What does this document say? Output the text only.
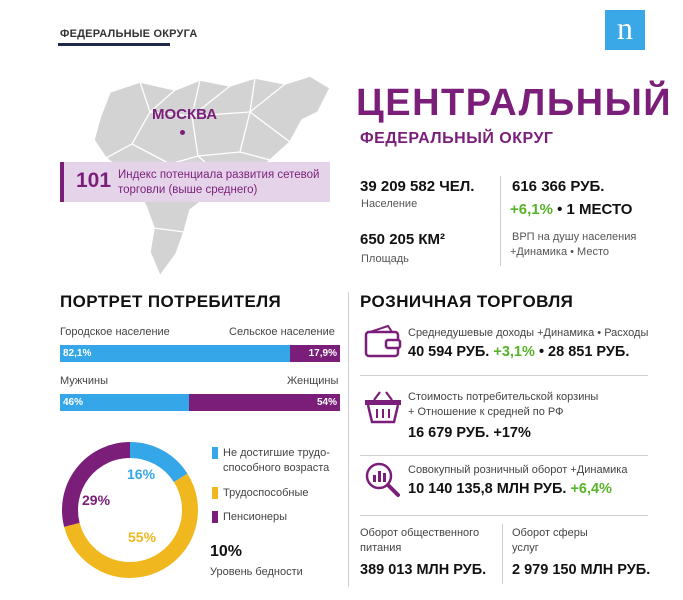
ФЕДЕРАЛЬНЫЕ ОКРУГА	n
МОСКВА
101 Индекс потенциала развития сетевой торговли (выше среднего)
ЦЕНТРАЛЬНЫЙ
ФЕДЕРАЛЬНЫЙ ОКРУГ
39 209 582 ЧЕЛ.
Население
650 205 КМ²
Площадь
616 366 РУБ.
+6,1% • 1 МЕСТО
ВРП на душу населения
+Динамика • Место
ПОРТРЕТ ПОТРЕБИТЕЛЯ
Городское население	Сельское население
82,1%	17,9%
Мужчины	Женщины
46%	54%
16%
55%
29%
Не достигшие трудо-
способного возраста
Трудоспособные
Пенсионеры
10%
Уровень бедности
РОЗНИЧНАЯ ТОРГОВЛЯ
Среднедушевые доходы +Динамика • Расходы
40 594 РУБ. +3,1% • 28 851 РУБ.
Стоимость потребительской корзины
+ Отношение к средней по РФ
16 679 РУБ. +17%
Совокупный розничный оборот +Динамика
10 140 135,8 МЛН РУБ. +6,4%
Оборот общественного
питания
389 013 МЛН РУБ.
Оборот сферы
услуг
2 979 150 МЛН РУБ.
